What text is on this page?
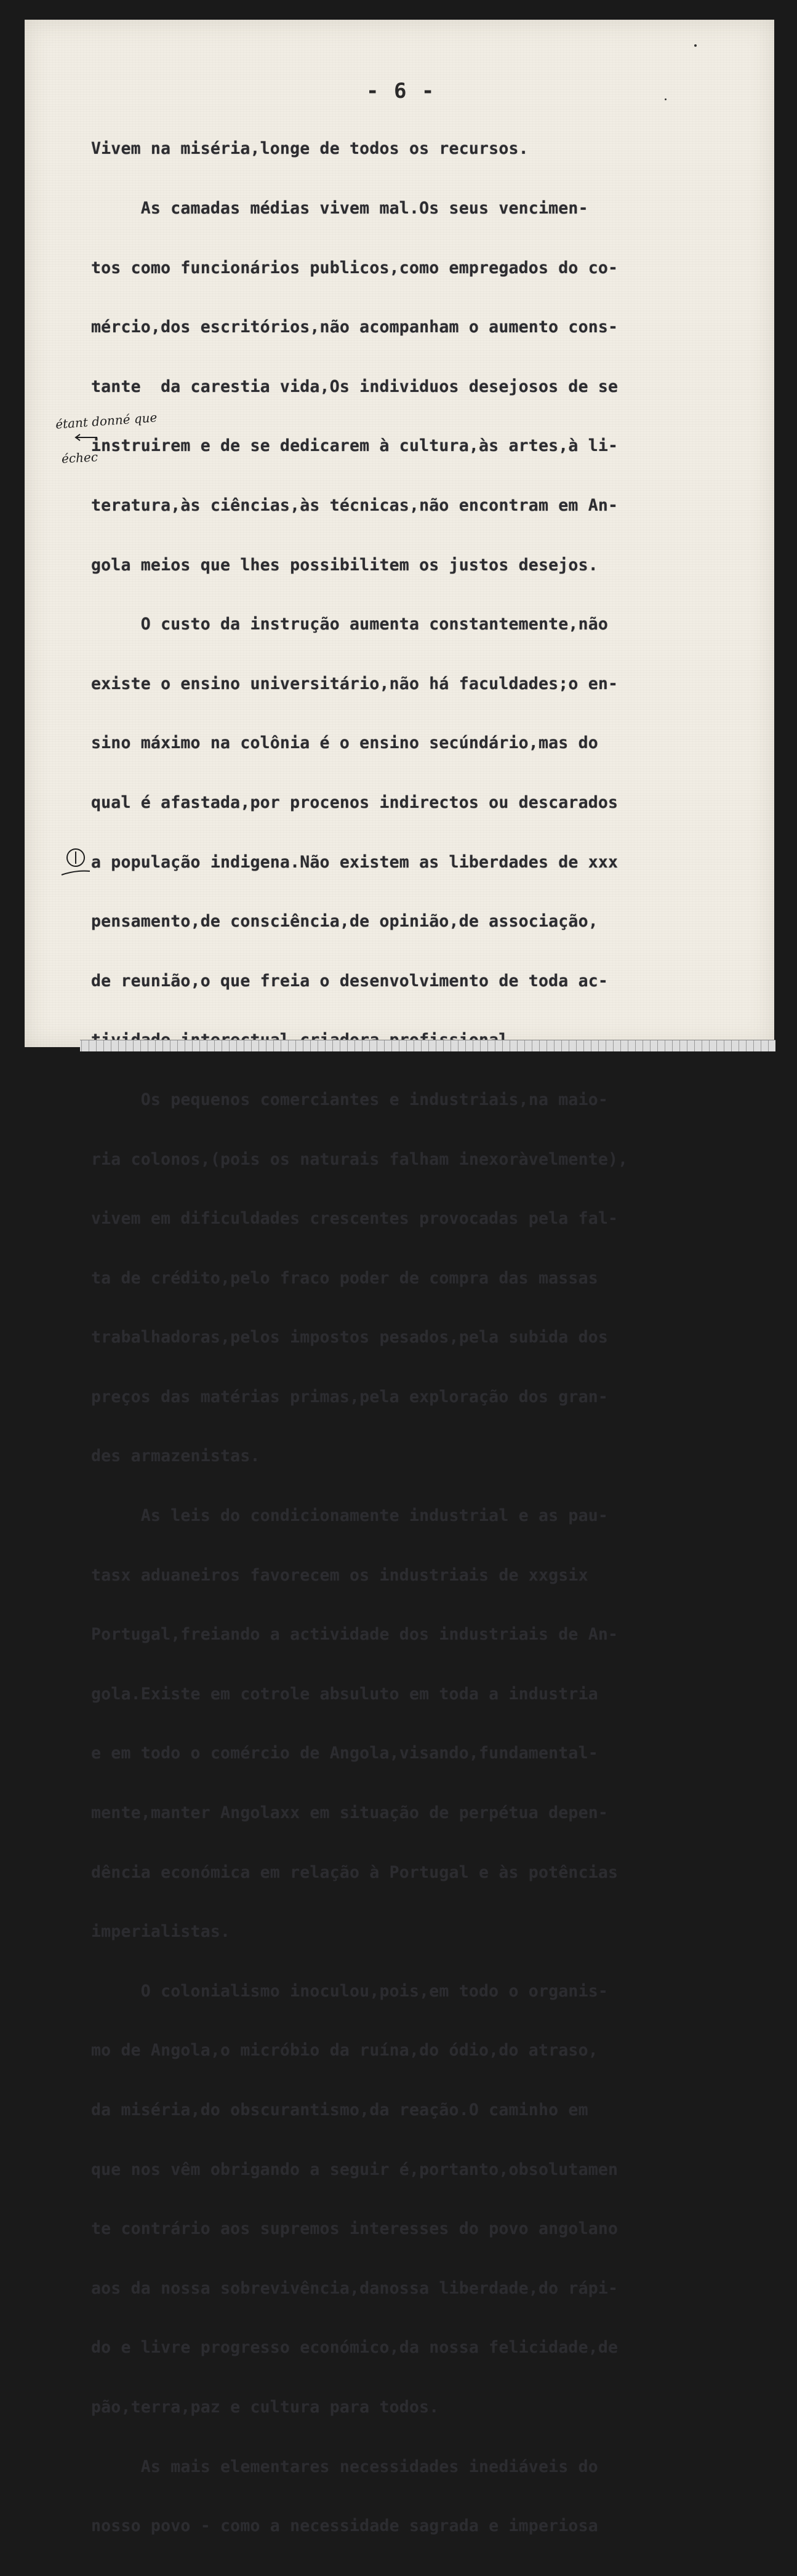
- 6 -

Vivem na miséria,longe de todos os recursos.

As camadas médias vivem mal.Os seus vencimen-

tos como funcionários publicos,como empregados do co-

mércio,dos escritórios,não acompanham o aumento cons-

tante  da carestia vida,Os individuos desejosos de se

instruirem e de se dedicarem à cultura,às artes,à li-

teratura,às ciências,às técnicas,não encontram em An-

gola meios que lhes possibilitem os justos desejos.

O custo da instrução aumenta constantemente,não

existe o ensino universitário,não há faculdades;o en-

sino máximo na colônia é o ensino secúndário,mas do

qual é afastada,por procenos indirectos ou descarados

a população indigena.Não existem as liberdades de xxx

pensamento,de consciência,de opinião,de associação,

de reunião,o que freia o desenvolvimento de toda ac-

Os pequenos comerciantes e industriais,na maio-

ria colonos,(pois os naturais falham inexoràvelmente),

vivem em dificuldades crescentes provocadas pela fal-

ta de crédito,pelo fraco poder de compra das massas

trabalhadoras,pelos impostos pesados,pela subida dos

preços das matérias primas,pela exploração dos gran-

des armazenistas.

As leis do condicionamente industrial e as pau-

tasx aduaneiros favorecem os industriais de xxgsix

Portugal,freiando a actividade dos industriais de An-

gola.Existe em cotrole absuluto em toda a industria

e em todo o comércio de Angola,visando,fundamental-

mente,manter Angolaxx em situação de perpétua depen-

dência económica em relação à Portugal e às potências

imperialistas.

O colonialismo inoculou,pois,em todo o organis-

mo de Angola,o micróbio da ruína,do ódio,do atraso,

da miséria,do obscurantismo,da reação.O caminho em

que nos vêm obrigando a seguir é,portanto,obsolutamen

te contrário aos supremos interesses do povo angolano

aos da nossa sobrevivência,danossa liberdade,do rápi-

do e livre progresso económico,da nossa felicidade,de

pão,terra,paz e cultura para todos.

As mais elementares necessidades inediáveis do

nosso povo - como a necessidade sagrada e imperiosa

étant donné que
échec
